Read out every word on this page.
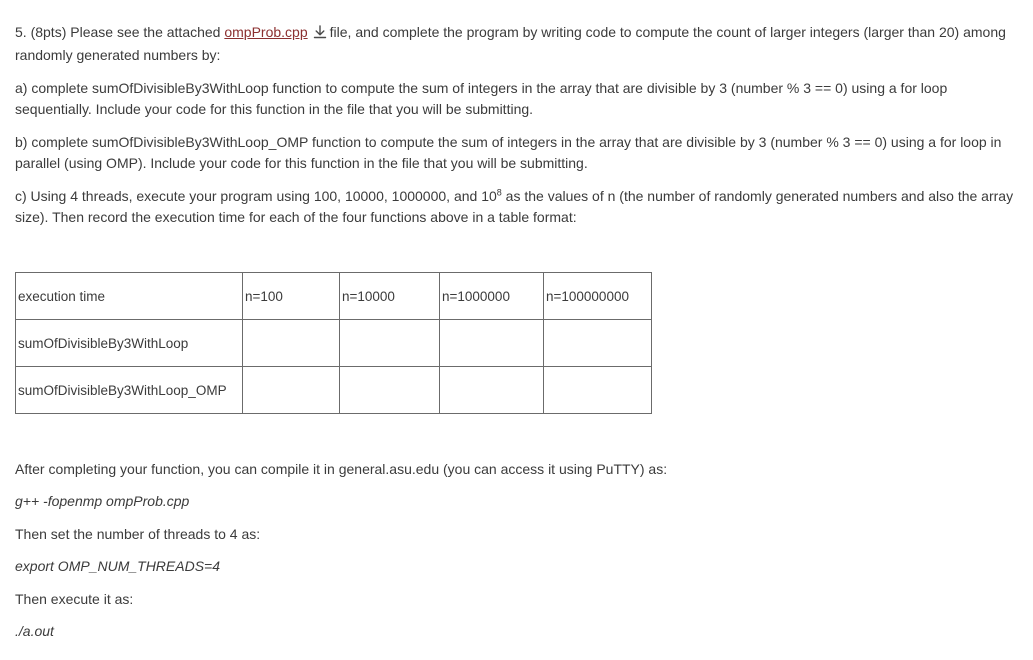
5. (8pts) Please see the attached ompProb.cpp file, and complete the program by writing code to compute the count of larger integers (larger than 20) among randomly generated numbers by:

a) complete sumOfDivisibleBy3WithLoop function to compute the sum of integers in the array that are divisible by 3 (number % 3 == 0) using a for loop sequentially. Include your code for this function in the file that you will be submitting.

b) complete sumOfDivisibleBy3WithLoop_OMP function to compute the sum of integers in the array that are divisible by 3 (number % 3 == 0) using a for loop in parallel (using OMP). Include your code for this function in the file that you will be submitting.

c) Using 4 threads, execute your program using 100, 10000, 1000000, and $10^8$ as the values of n (the number of randomly generated numbers and also the array size). Then record the execution time for each of the four functions above in a table format:

execution time	n=100	n=10000	n=1000000	n=100000000
sumOfDivisibleBy3WithLoop				
sumOfDivisibleBy3WithLoop_OMP				

After completing your function, you can compile it in general.asu.edu (you can access it using PuTTY) as:

g++ -fopenmp ompProb.cpp

Then set the number of threads to 4 as:

export OMP_NUM_THREADS=4

Then execute it as:

./a.out
